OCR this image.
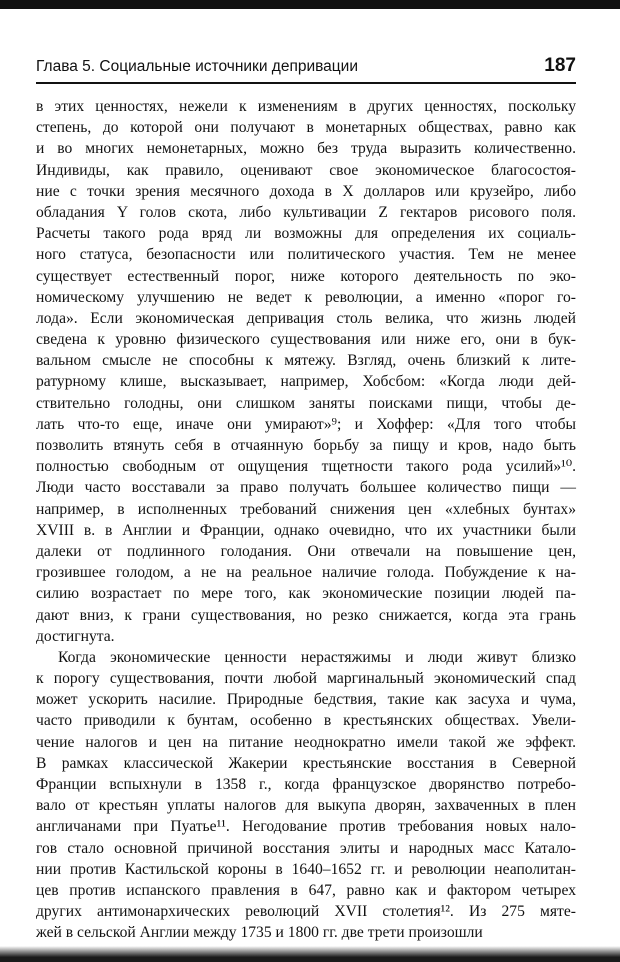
Глава 5. Социальные источники депривации	187
в этих ценностях, нежели к изменениям в других ценностях, поскольку
степень, до которой они получают в монетарных обществах, равно как
и во многих немонетарных, можно без труда выразить количественно.
Индивиды, как правило, оценивают свое экономическое благосостоя-
ние с точки зрения месячного дохода в X долларов или крузейро, либо
обладания Y голов скота, либо культивации Z гектаров рисового поля.
Расчеты такого рода вряд ли возможны для определения их социаль-
ного статуса, безопасности или политического участия. Тем не менее
существует естественный порог, ниже которого деятельность по эко-
номическому улучшению не ведет к революции, а именно «порог го-
лода». Если экономическая депривация столь велика, что жизнь людей
сведена к уровню физического существования или ниже его, они в бук-
вальном смысле не способны к мятежу. Взгляд, очень близкий к лите-
ратурному клише, высказывает, например, Хобсбом: «Когда люди дей-
ствительно голодны, они слишком заняты поисками пищи, чтобы де-
лать что-то еще, иначе они умирают»⁹; и Хоффер: «Для того чтобы
позволить втянуть себя в отчаянную борьбу за пищу и кров, надо быть
полностью свободным от ощущения тщетности такого рода усилий»¹⁰.
Люди часто восставали за право получать большее количество пищи —
например, в исполненных требований снижения цен «хлебных бунтах»
XVIII в. в Англии и Франции, однако очевидно, что их участники были
далеки от подлинного голодания. Они отвечали на повышение цен,
грозившее голодом, а не на реальное наличие голода. Побуждение к на-
силию возрастает по мере того, как экономические позиции людей па-
дают вниз, к грани существования, но резко снижается, когда эта грань
достигнута.
Когда экономические ценности нерастяжимы и люди живут близко
к порогу существования, почти любой маргинальный экономический спад
может ускорить насилие. Природные бедствия, такие как засуха и чума,
часто приводили к бунтам, особенно в крестьянских обществах. Увели-
чение налогов и цен на питание неоднократно имели такой же эффект.
В рамках классической Жакерии крестьянские восстания в Северной
Франции вспыхнули в 1358 г., когда французское дворянство потребо-
вало от крестьян уплаты налогов для выкупа дворян, захваченных в плен
англичанами при Пуатье¹¹. Негодование против требования новых нало-
гов стало основной причиной восстания элиты и народных масс Катало-
нии против Кастильской короны в 1640–1652 гг. и революции неаполитан-
цев против испанского правления в 647, равно как и фактором четырех
других антимонархических революций XVII столетия¹². Из 275 мяте-
жей в сельской Англии между 1735 и 1800 гг. две трети произошли
